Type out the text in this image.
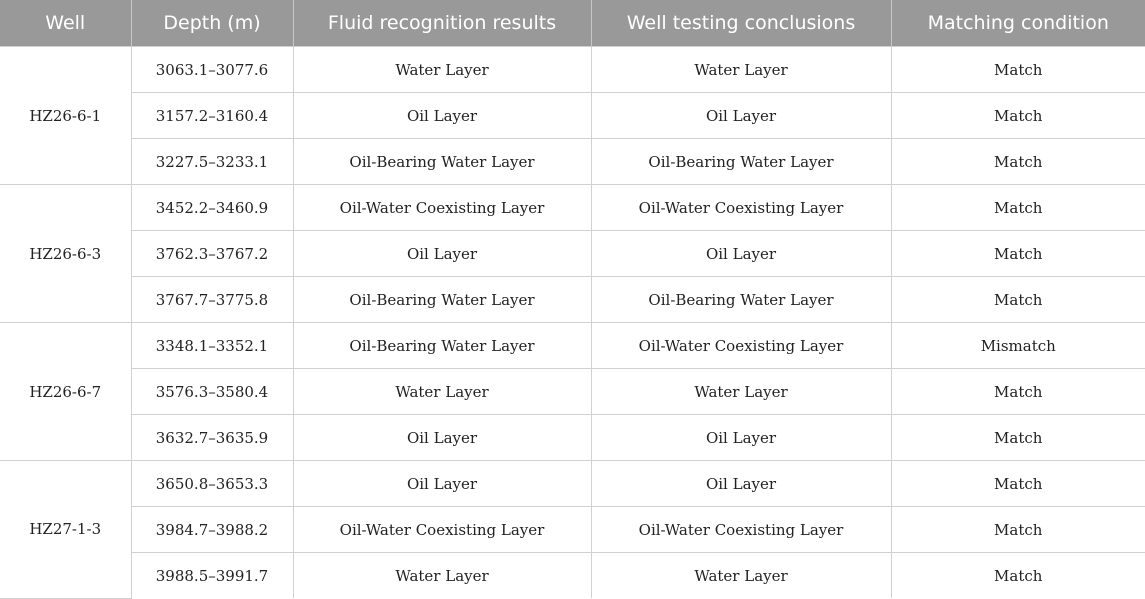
Well	Depth (m)	Fluid recognition results	Well testing conclusions	Matching condition
HZ26-6-1	3063.1–3077.6	Water Layer	Water Layer	Match
	3157.2–3160.4	Oil Layer	Oil Layer	Match
	3227.5–3233.1	Oil-Bearing Water Layer	Oil-Bearing Water Layer	Match
HZ26-6-3	3452.2–3460.9	Oil-Water Coexisting Layer	Oil-Water Coexisting Layer	Match
	3762.3–3767.2	Oil Layer	Oil Layer	Match
	3767.7–3775.8	Oil-Bearing Water Layer	Oil-Bearing Water Layer	Match
HZ26-6-7	3348.1–3352.1	Oil-Bearing Water Layer	Oil-Water Coexisting Layer	Mismatch
	3576.3–3580.4	Water Layer	Water Layer	Match
	3632.7–3635.9	Oil Layer	Oil Layer	Match
HZ27-1-3	3650.8–3653.3	Oil Layer	Oil Layer	Match
	3984.7–3988.2	Oil-Water Coexisting Layer	Oil-Water Coexisting Layer	Match
	3988.5–3991.7	Water Layer	Water Layer	Match
